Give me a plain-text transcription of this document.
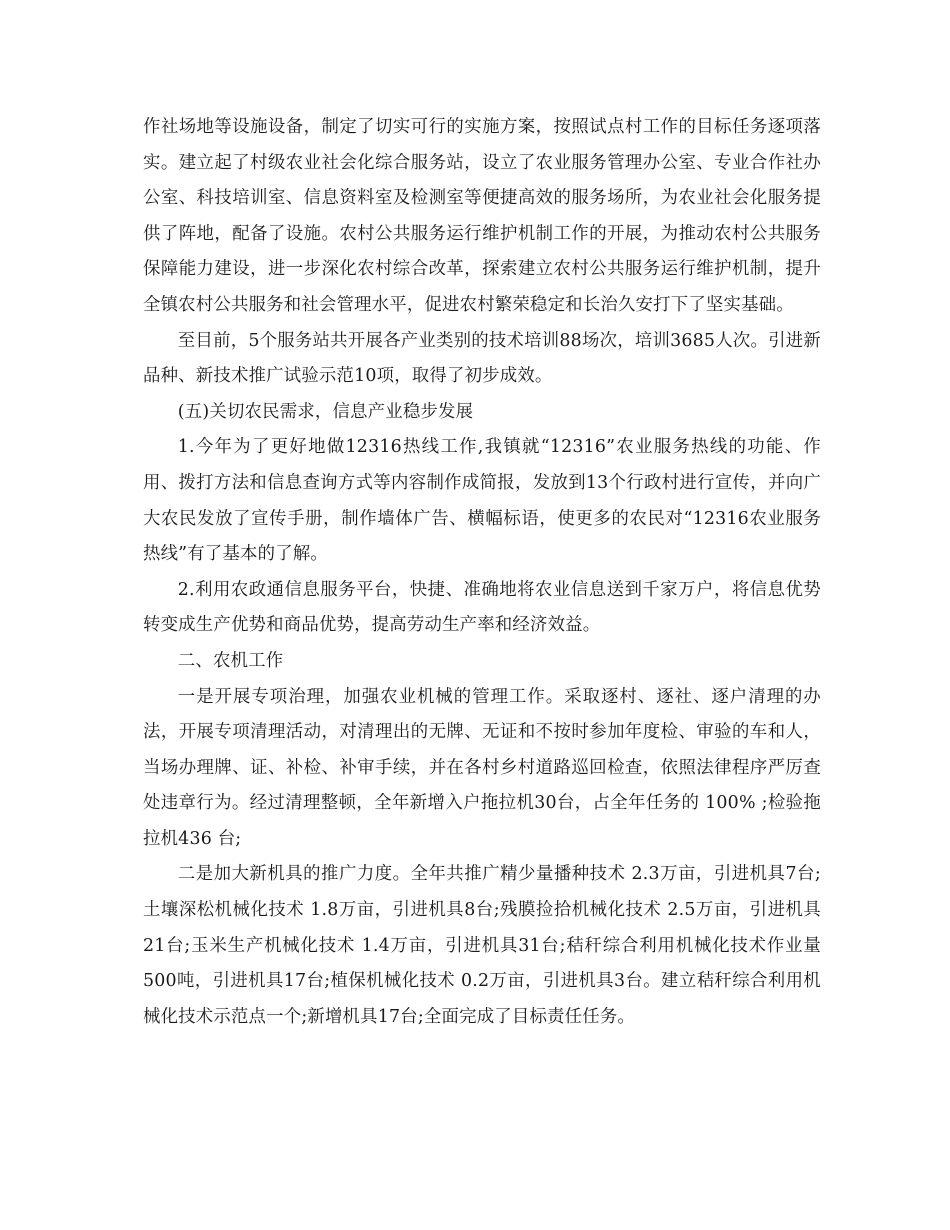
作社场地等设施设备，制定了切实可行的实施方案，按照试点村工作的目标任务逐项落实。建立起了村级农业社会化综合服务站，设立了农业服务管理办公室、专业合作社办公室、科技培训室、信息资料室及检测室等便捷高效的服务场所，为农业社会化服务提供了阵地，配备了设施。农村公共服务运行维护机制工作的开展，为推动农村公共服务保障能力建设，进一步深化农村综合改革，探索建立农村公共服务运行维护机制，提升全镇农村公共服务和社会管理水平，促进农村繁荣稳定和长治久安打下了坚实基础。

至目前，5个服务站共开展各产业类别的技术培训88场次，培训3685人次。引进新品种、新技术推广试验示范10项，取得了初步成效。

(五)关切农民需求，信息产业稳步发展

1.今年为了更好地做12316热线工作,我镇就“12316”农业服务热线的功能、作用、拨打方法和信息查询方式等内容制作成简报，发放到13个行政村进行宣传，并向广大农民发放了宣传手册，制作墙体广告、横幅标语，使更多的农民对“12316农业服务热线”有了基本的了解。

2.利用农政通信息服务平台，快捷、准确地将农业信息送到千家万户，将信息优势转变成生产优势和商品优势，提高劳动生产率和经济效益。

二、农机工作

一是开展专项治理，加强农业机械的管理工作。采取逐村、逐社、逐户清理的办法，开展专项清理活动，对清理出的无牌、无证和不按时参加年度检、审验的车和人，当场办理牌、证、补检、补审手续，并在各村乡村道路巡回检查，依照法律程序严厉查处违章行为。经过清理整顿，全年新增入户拖拉机30台，占全年任务的 100% ;检验拖拉机436 台;

二是加大新机具的推广力度。全年共推广精少量播种技术 2.3万亩，引进机具7台;土壤深松机械化技术 1.8万亩，引进机具8台;残膜捡拾机械化技术 2.5万亩，引进机具21台;玉米生产机械化技术 1.4万亩，引进机具31台;秸秆综合利用机械化技术作业量500吨，引进机具17台;植保机械化技术 0.2万亩，引进机具3台。建立秸秆综合利用机械化技术示范点一个;新增机具17台;全面完成了目标责任任务。
